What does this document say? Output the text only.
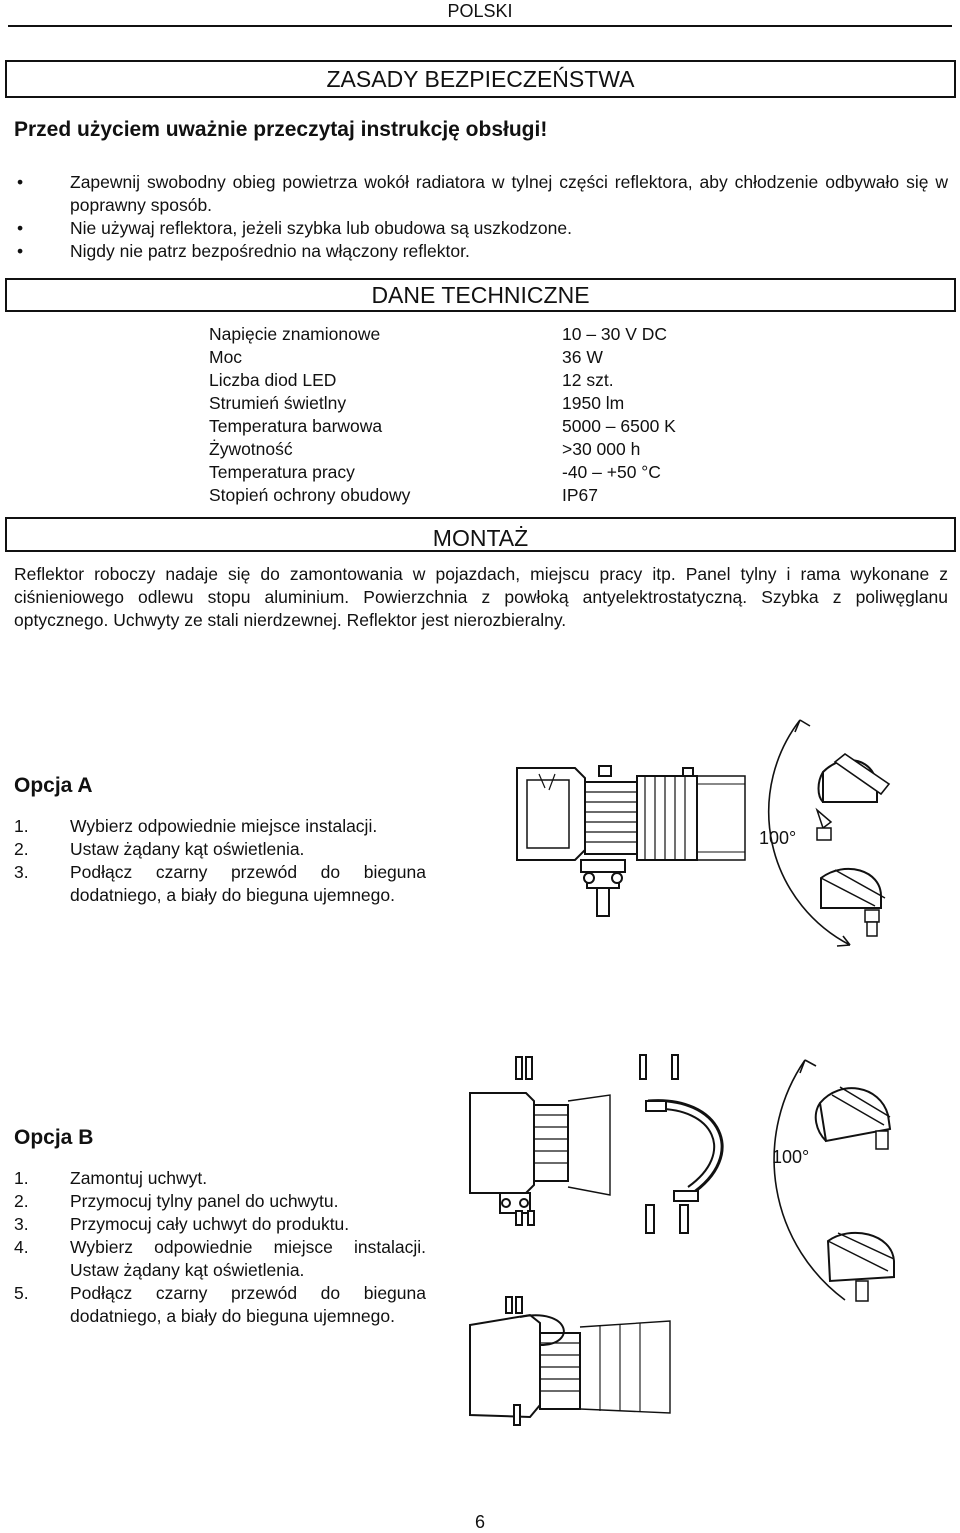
POLSKI
ZASADY BEZPIECZEŃSTWA
Przed użyciem uważnie przeczytaj instrukcję obsługi!
•	Zapewnij swobodny obieg powietrza wokół radiatora w tylnej części reflektora, aby chłodzenie odbywało się w poprawny sposób.
•	Nie używaj reflektora, jeżeli szybka lub obudowa są uszkodzone.
•	Nigdy nie patrz bezpośrednio na włączony reflektor.
DANE TECHNICZNE
Napięcie znamionowe	10 – 30 V DC
Moc	36 W
Liczba diod LED	12 szt.
Strumień świetlny	1950 lm
Temperatura barwowa	5000 – 6500 K
Żywotność	>30 000 h
Temperatura pracy	-40 – +50 °C
Stopień ochrony obudowy	IP67
MONTAŻ
Reflektor roboczy nadaje się do zamontowania w pojazdach, miejscu pracy itp. Panel tylny i rama wykonane z ciśnieniowego odlewu stopu aluminium. Powierzchnia z powłoką antyelektrostatyczną. Szybka z poliwęglanu optycznego. Uchwyty ze stali nierdzewnej. Reflektor jest nierozbieralny.
Opcja A
1.	Wybierz odpowiednie miejsce instalacji.
2.	Ustaw żądany kąt oświetlenia.
3.	Podłącz czarny przewód do bieguna dodatniego, a biały do bieguna ujemnego.
100°
Opcja B
1.	Zamontuj uchwyt.
2.	Przymocuj tylny panel do uchwytu.
3.	Przymocuj cały uchwyt do produktu.
4.	Wybierz odpowiednie miejsce instalacji. Ustaw żądany kąt oświetlenia.
5.	Podłącz czarny przewód do bieguna dodatniego, a biały do bieguna ujemnego.
100°
6
